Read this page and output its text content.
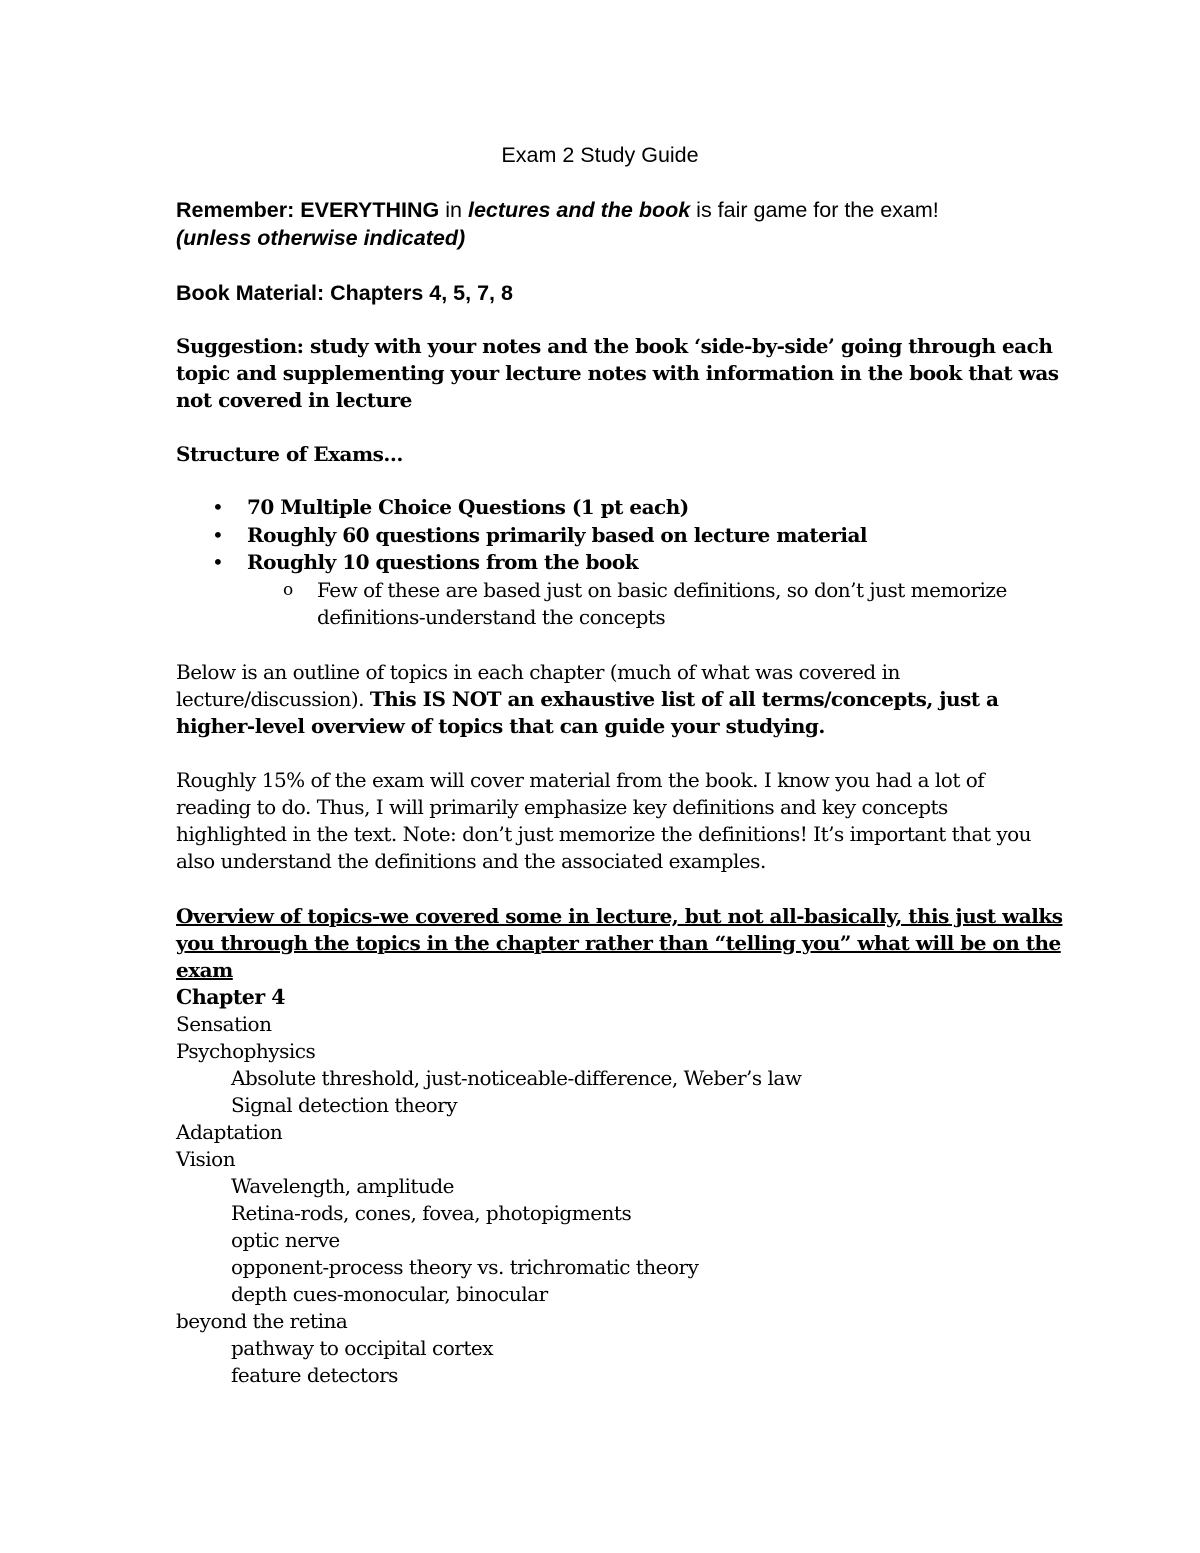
Exam 2 Study Guide
Remember: EVERYTHING in lectures and the book is fair game for the exam!
(unless otherwise indicated)
Book Material: Chapters 4, 5, 7, 8
Suggestion: study with your notes and the book ‘side-by-side’ going through each
topic and supplementing your lecture notes with information in the book that was
not covered in lecture
Structure of Exams…
• 70 Multiple Choice Questions (1 pt each)
• Roughly 60 questions primarily based on lecture material
• Roughly 10 questions from the book
o Few of these are based just on basic definitions, so don’t just memorize
definitions-understand the concepts
Below is an outline of topics in each chapter (much of what was covered in
lecture/discussion). This IS NOT an exhaustive list of all terms/concepts, just a
higher-level overview of topics that can guide your studying.
Roughly 15% of the exam will cover material from the book. I know you had a lot of
reading to do. Thus, I will primarily emphasize key definitions and key concepts
highlighted in the text. Note: don’t just memorize the definitions! It’s important that you
also understand the definitions and the associated examples.
Overview of topics-we covered some in lecture, but not all-basically, this just walks
you through the topics in the chapter rather than “telling you” what will be on the
exam
Chapter 4
Sensation
Psychophysics
Absolute threshold, just-noticeable-difference, Weber’s law
Signal detection theory
Adaptation
Vision
Wavelength, amplitude
Retina-rods, cones, fovea, photopigments
optic nerve
opponent-process theory vs. trichromatic theory
depth cues-monocular, binocular
beyond the retina
pathway to occipital cortex
feature detectors
